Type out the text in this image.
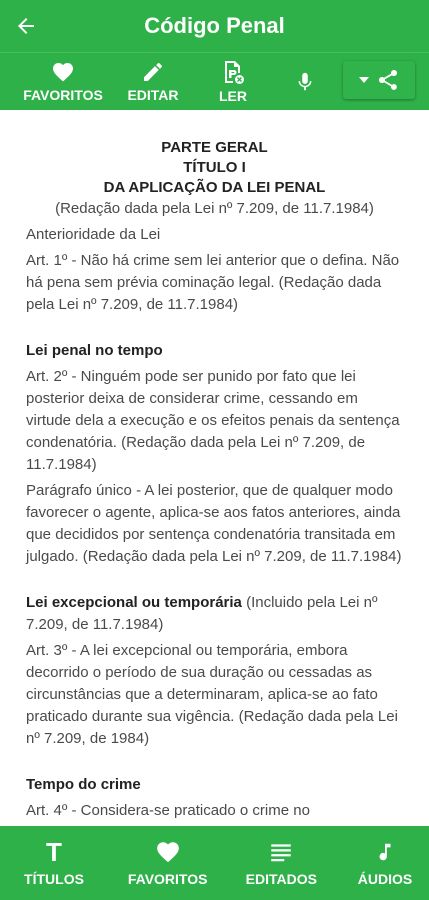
Código Penal
FAVORITOS EDITAR	LER
PARTE GERAL
TÍTULO I
DA APLICAÇÃO DA LEI PENAL
(Redação dada pela Lei nº 7.209, de 11.7.1984)
Anterioridade da Lei
Art. 1º - Não há crime sem lei anterior que o defina. Não há pena sem prévia cominação legal. (Redação dada pela Lei nº 7.209, de 11.7.1984)
Lei penal no tempo
Art. 2º - Ninguém pode ser punido por fato que lei posterior deixa de considerar crime, cessando em virtude dela a execução e os efeitos penais da sentença condenatória. (Redação dada pela Lei nº 7.209, de 11.7.1984)
Parágrafo único - A lei posterior, que de qualquer modo favorecer o agente, aplica-se aos fatos anteriores, ainda que decididos por sentença condenatória transitada em julgado. (Redação dada pela Lei nº 7.209, de 11.7.1984)
Lei excepcional ou temporária (Incluido pela Lei nº 7.209, de 11.7.1984)
Art. 3º - A lei excepcional ou temporária, embora decorrido o período de sua duração ou cessadas as circunstâncias que a determinaram, aplica-se ao fato praticado durante sua vigência. (Redação dada pela Lei nº 7.209, de 1984)
Tempo do crime
Art. 4º - Considera-se praticado o crime no
T
TÍTULOS	FAVORITOS	EDITADOS	ÁUDIOS
